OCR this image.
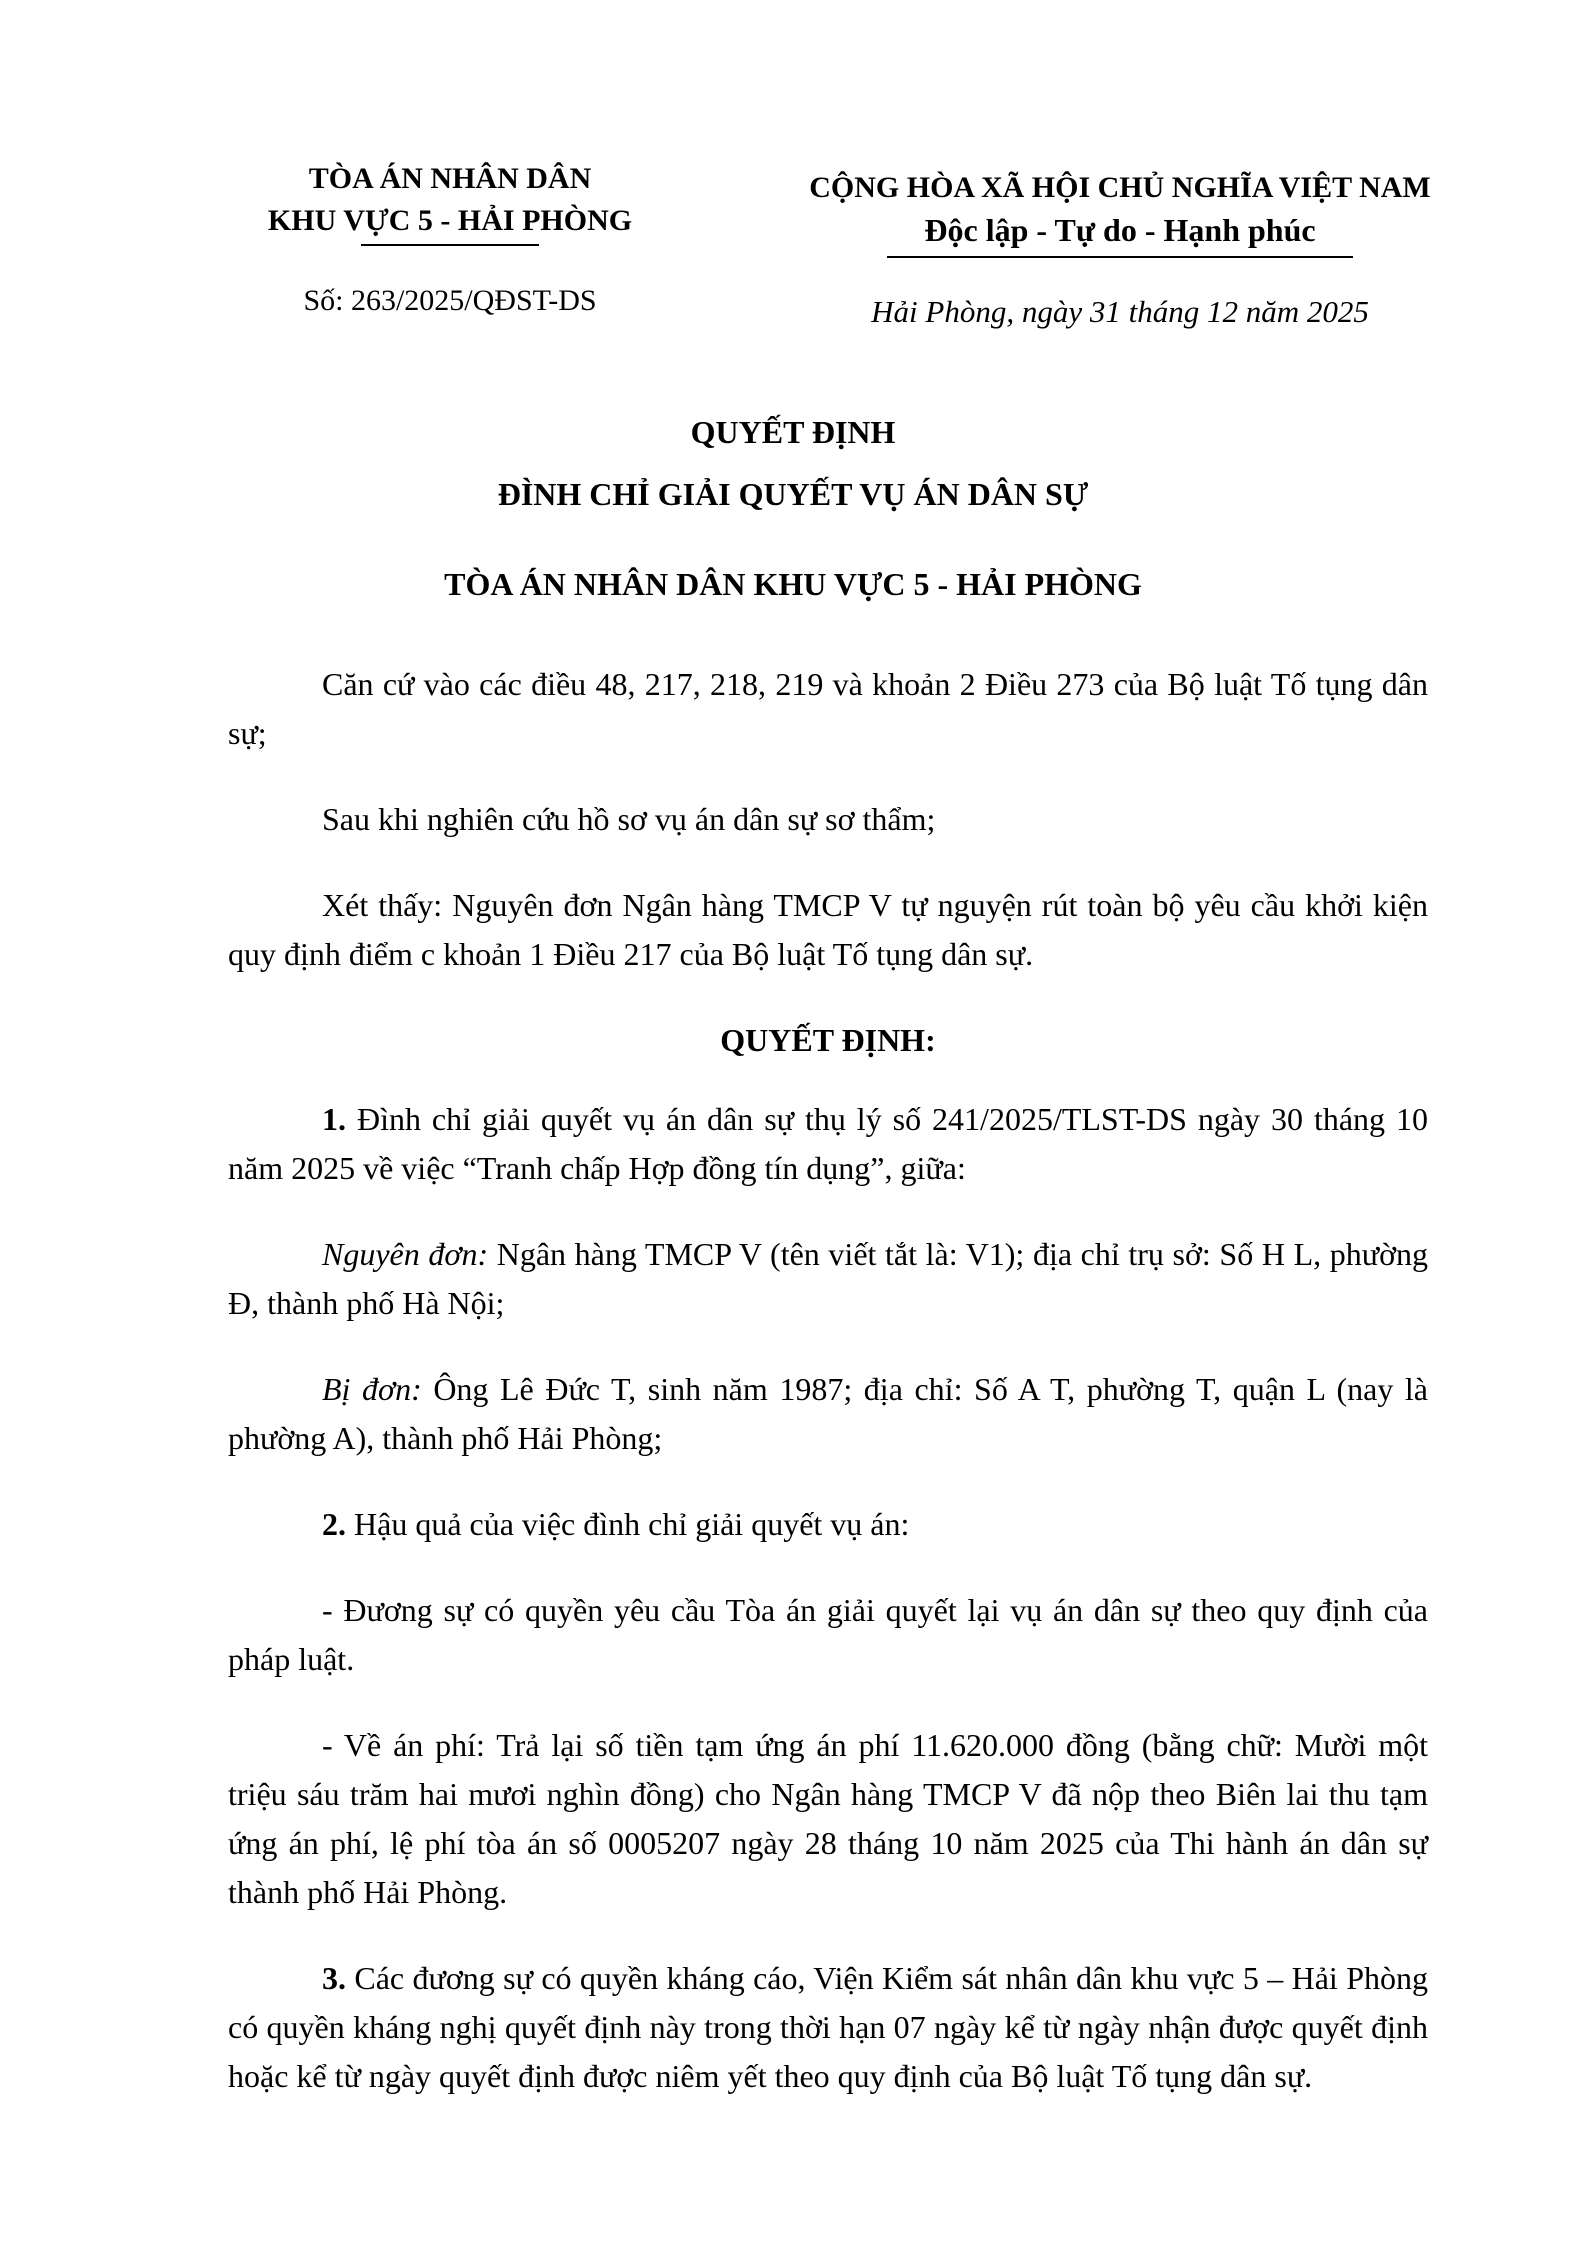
TÒA ÁN NHÂN DÂN
KHU VỰC 5 - HẢI PHÒNG
Số: 263/2025/QĐST-DS
CỘNG HÒA XÃ HỘI CHỦ NGHĨA VIỆT NAM
Độc lập - Tự do - Hạnh phúc
Hải Phòng, ngày 31 tháng 12 năm 2025
QUYẾT ĐỊNH
ĐÌNH CHỈ GIẢI QUYẾT VỤ ÁN DÂN SỰ
TÒA ÁN NHÂN DÂN KHU VỰC 5 - HẢI PHÒNG

Căn cứ vào các điều 48, 217, 218, 219 và khoản 2 Điều 273 của Bộ luật Tố tụng dân sự;

Sau khi nghiên cứu hồ sơ vụ án dân sự sơ thẩm;

Xét thấy: Nguyên đơn Ngân hàng TMCP V tự nguyện rút toàn bộ yêu cầu khởi kiện quy định điểm c khoản 1 Điều 217 của Bộ luật Tố tụng dân sự.

QUYẾT ĐỊNH:

1. Đình chỉ giải quyết vụ án dân sự thụ lý số 241/2025/TLST-DS ngày 30 tháng 10 năm 2025 về việc “Tranh chấp Hợp đồng tín dụng”, giữa:

Nguyên đơn: Ngân hàng TMCP V (tên viết tắt là: V1); địa chỉ trụ sở: Số H L, phường Đ, thành phố Hà Nội;

Bị đơn: Ông Lê Đức T, sinh năm 1987; địa chỉ: Số A T, phường T, quận L (nay là phường A), thành phố Hải Phòng;

2. Hậu quả của việc đình chỉ giải quyết vụ án:

- Đương sự có quyền yêu cầu Tòa án giải quyết lại vụ án dân sự theo quy định của pháp luật.

- Về án phí: Trả lại số tiền tạm ứng án phí 11.620.000 đồng (bằng chữ: Mười một triệu sáu trăm hai mươi nghìn đồng) cho Ngân hàng TMCP V đã nộp theo Biên lai thu tạm ứng án phí, lệ phí tòa án số 0005207 ngày 28 tháng 10 năm 2025 của Thi hành án dân sự thành phố Hải Phòng.

3. Các đương sự có quyền kháng cáo, Viện Kiểm sát nhân dân khu vực 5 – Hải Phòng có quyền kháng nghị quyết định này trong thời hạn 07 ngày kể từ ngày nhận được quyết định hoặc kể từ ngày quyết định được niêm yết theo quy định của Bộ luật Tố tụng dân sự.
